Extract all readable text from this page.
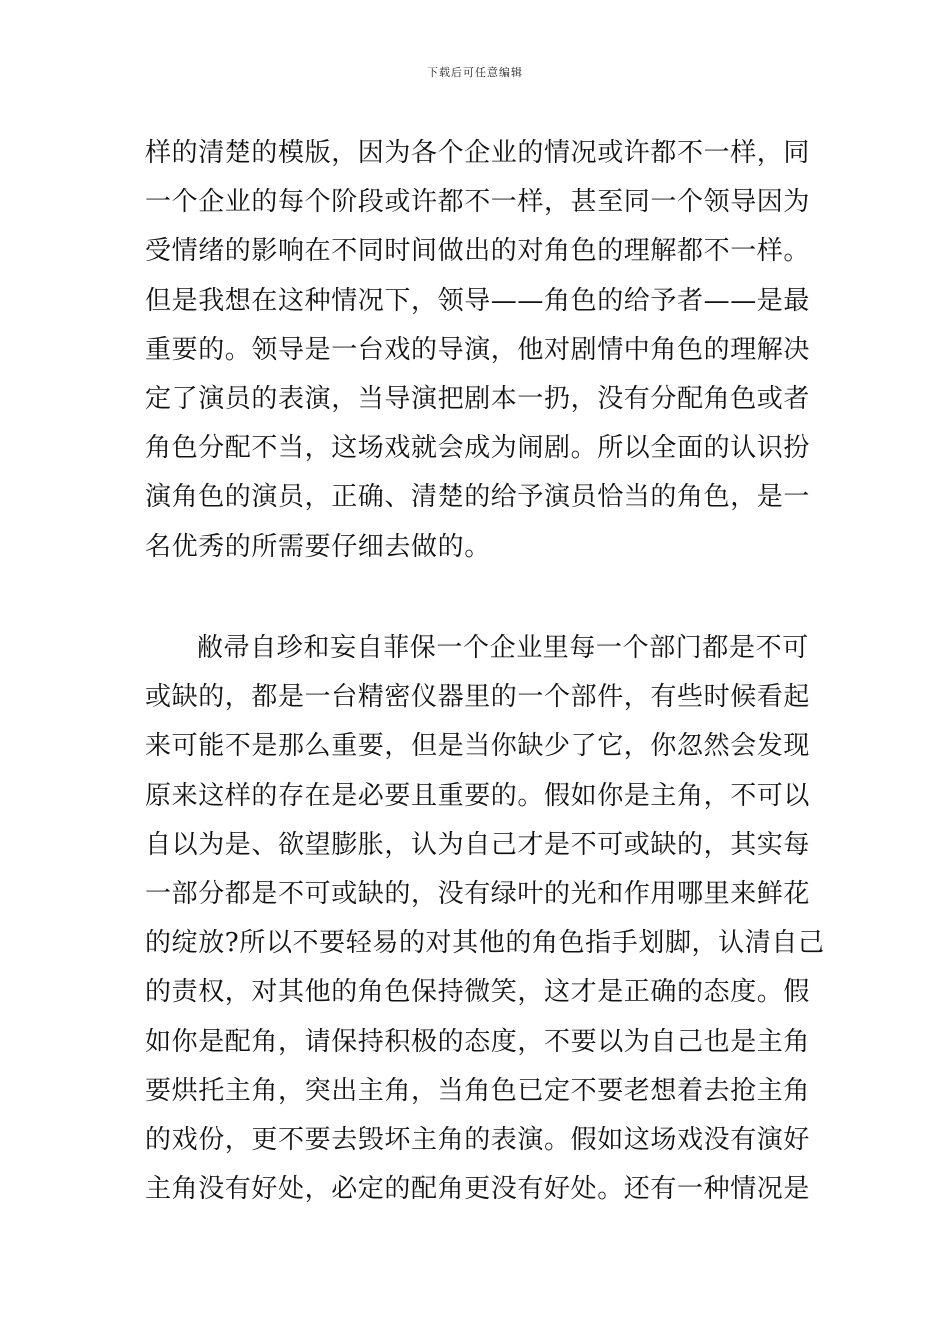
下载后可任意编辑
样的清楚的模版，因为各个企业的情况或许都不一样，同
一个企业的每个阶段或许都不一样，甚至同一个领导因为
受情绪的影响在不同时间做出的对角色的理解都不一样。
但是我想在这种情况下，领导——角色的给予者——是最
重要的。领导是一台戏的导演，他对剧情中角色的理解决
定了演员的表演，当导演把剧本一扔，没有分配角色或者
角色分配不当，这场戏就会成为闹剧。所以全面的认识扮
演角色的演员，正确、清楚的给予演员恰当的角色，是一
名优秀的所需要仔细去做的。
敝帚自珍和妄自菲保一个企业里每一个部门都是不可
或缺的，都是一台精密仪器里的一个部件，有些时候看起
来可能不是那么重要，但是当你缺少了它，你忽然会发现
原来这样的存在是必要且重要的。假如你是主角，不可以
自以为是、欲望膨胀，认为自己才是不可或缺的，其实每
一部分都是不可或缺的，没有绿叶的光和作用哪里来鲜花
的绽放?所以不要轻易的对其他的角色指手划脚，认清自己
的责权，对其他的角色保持微笑，这才是正确的态度。假
如你是配角，请保持积极的态度，不要以为自己也是主角
要烘托主角，突出主角，当角色已定不要老想着去抢主角
的戏份，更不要去毁坏主角的表演。假如这场戏没有演好
主角没有好处，必定的配角更没有好处。还有一种情况是
